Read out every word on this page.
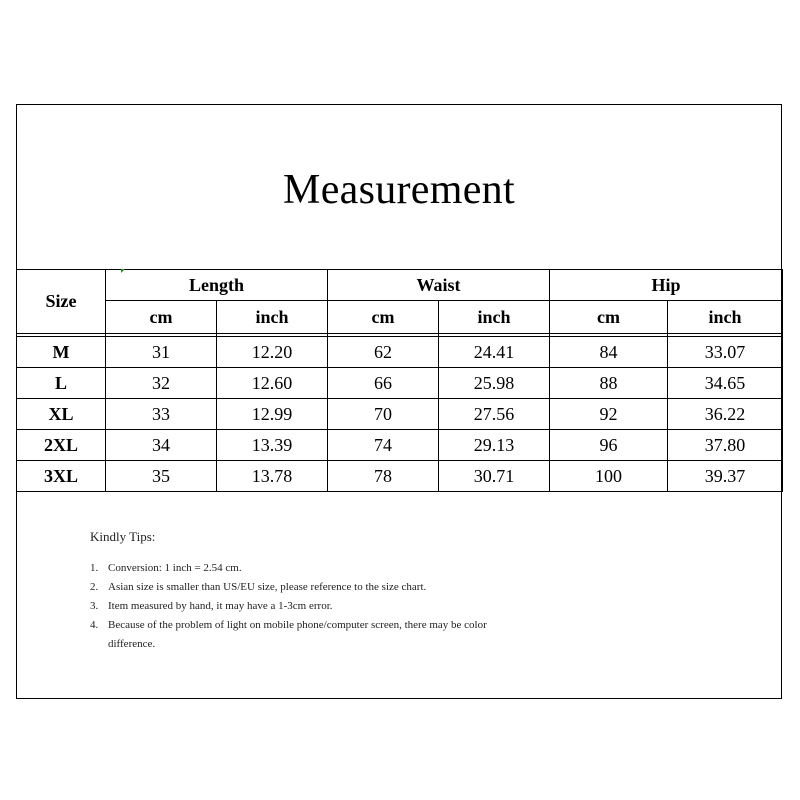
Measurement
Size	Length		Waist		Hip	
	cm	inch	cm	inch	cm	inch

M	31	12.20	62	24.41	84	33.07
L	32	12.60	66	25.98	88	34.65
XL	33	12.99	70	27.56	92	36.22
2XL	34	13.39	74	29.13	96	37.80
3XL	35	13.78	78	30.71	100	39.37
Kindly Tips:
1. Conversion: 1 inch = 2.54 cm.
2. Asian size is smaller than US/EU size, please reference to the size chart.
3. Item measured by hand, it may have a 1-3cm error.
4. Because of the problem of light on mobile phone/computer screen, there may be color difference.
